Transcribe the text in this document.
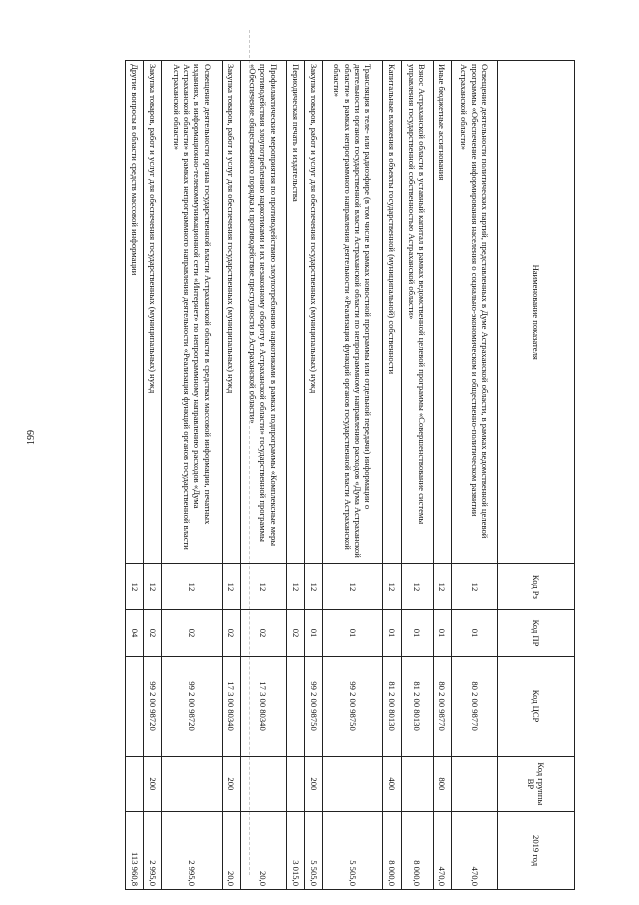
199
Наименование показателя	Код Рз	Код ПР	Код ЦСР	Код группы ВР	2019 год
Освещение деятельности политических партий, представленных в Думе Астраханской области, в рамках ведомственной целевой программы «Обеспечение информирования населения о социально-экономическом и общественно-политическом развитии Астраханской области»	12	01	80 2 00 98770		470,0
Иные бюджетные ассигнования	12	01	80 2 00 98770	800	470,0
Взнос Астраханской области в уставный капитал в рамках ведомственной целевой программы «Совершенствование системы управления государственной собственностью Астраханской области»	12	01	81 2 00 80130		8 000,0
Капитальные вложения в объекты государственной (муниципальной) собственности	12	01	81 2 00 80130	400	8 000,0
Трансляция в теле- или радиоэфире (в том числе в рамках новостной программы или отдельной передачи) информации о деятельности органов государственной власти Астраханской области по непрограммному направлению расходов «Дума Астраханской области» в рамках непрограммного направления деятельности «Реализация функций органов государственной власти Астраханской области»	12	01	99 2 00 98750		5 505,0
Закупка товаров, работ и услуг для обеспечения государственных (муниципальных) нужд	12	01	99 2 00 98750	200	5 505,0
Периодическая печать и издательства	12	02			3 015,0
Профилактические мероприятия по противодействию злоупотреблению наркотиками в рамках подпрограммы «Комплексные меры противодействия злоупотреблению наркотиками и их незаконному обороту в Астраханской области» государственной программы «Обеспечение общественного порядка и противодействие преступности в Астраханской области»	12	02	17 3 00 80340		20,0
Закупка товаров, работ и услуг для обеспечения государственных (муниципальных) нужд	12	02	17 3 00 80340	200	20,0
Освещение деятельности органа государственной власти Астраханской области в средствах массовой информации, печатных изданиях, в информационно-телекоммуникационной сети «Интернет» по непрограммному направлению расходов «Дума Астраханской области» в рамках непрограммного направления деятельности «Реализация функций органов государственной власти Астраханской области»	12	02	99 2 00 98720		2 995,0
Закупка товаров, работ и услуг для обеспечения государственных (муниципальных) нужд	12	02	99 2 00 98720	200	2 995,0
Другие вопросы в области средств массовой информации	12	04			113 960,8
